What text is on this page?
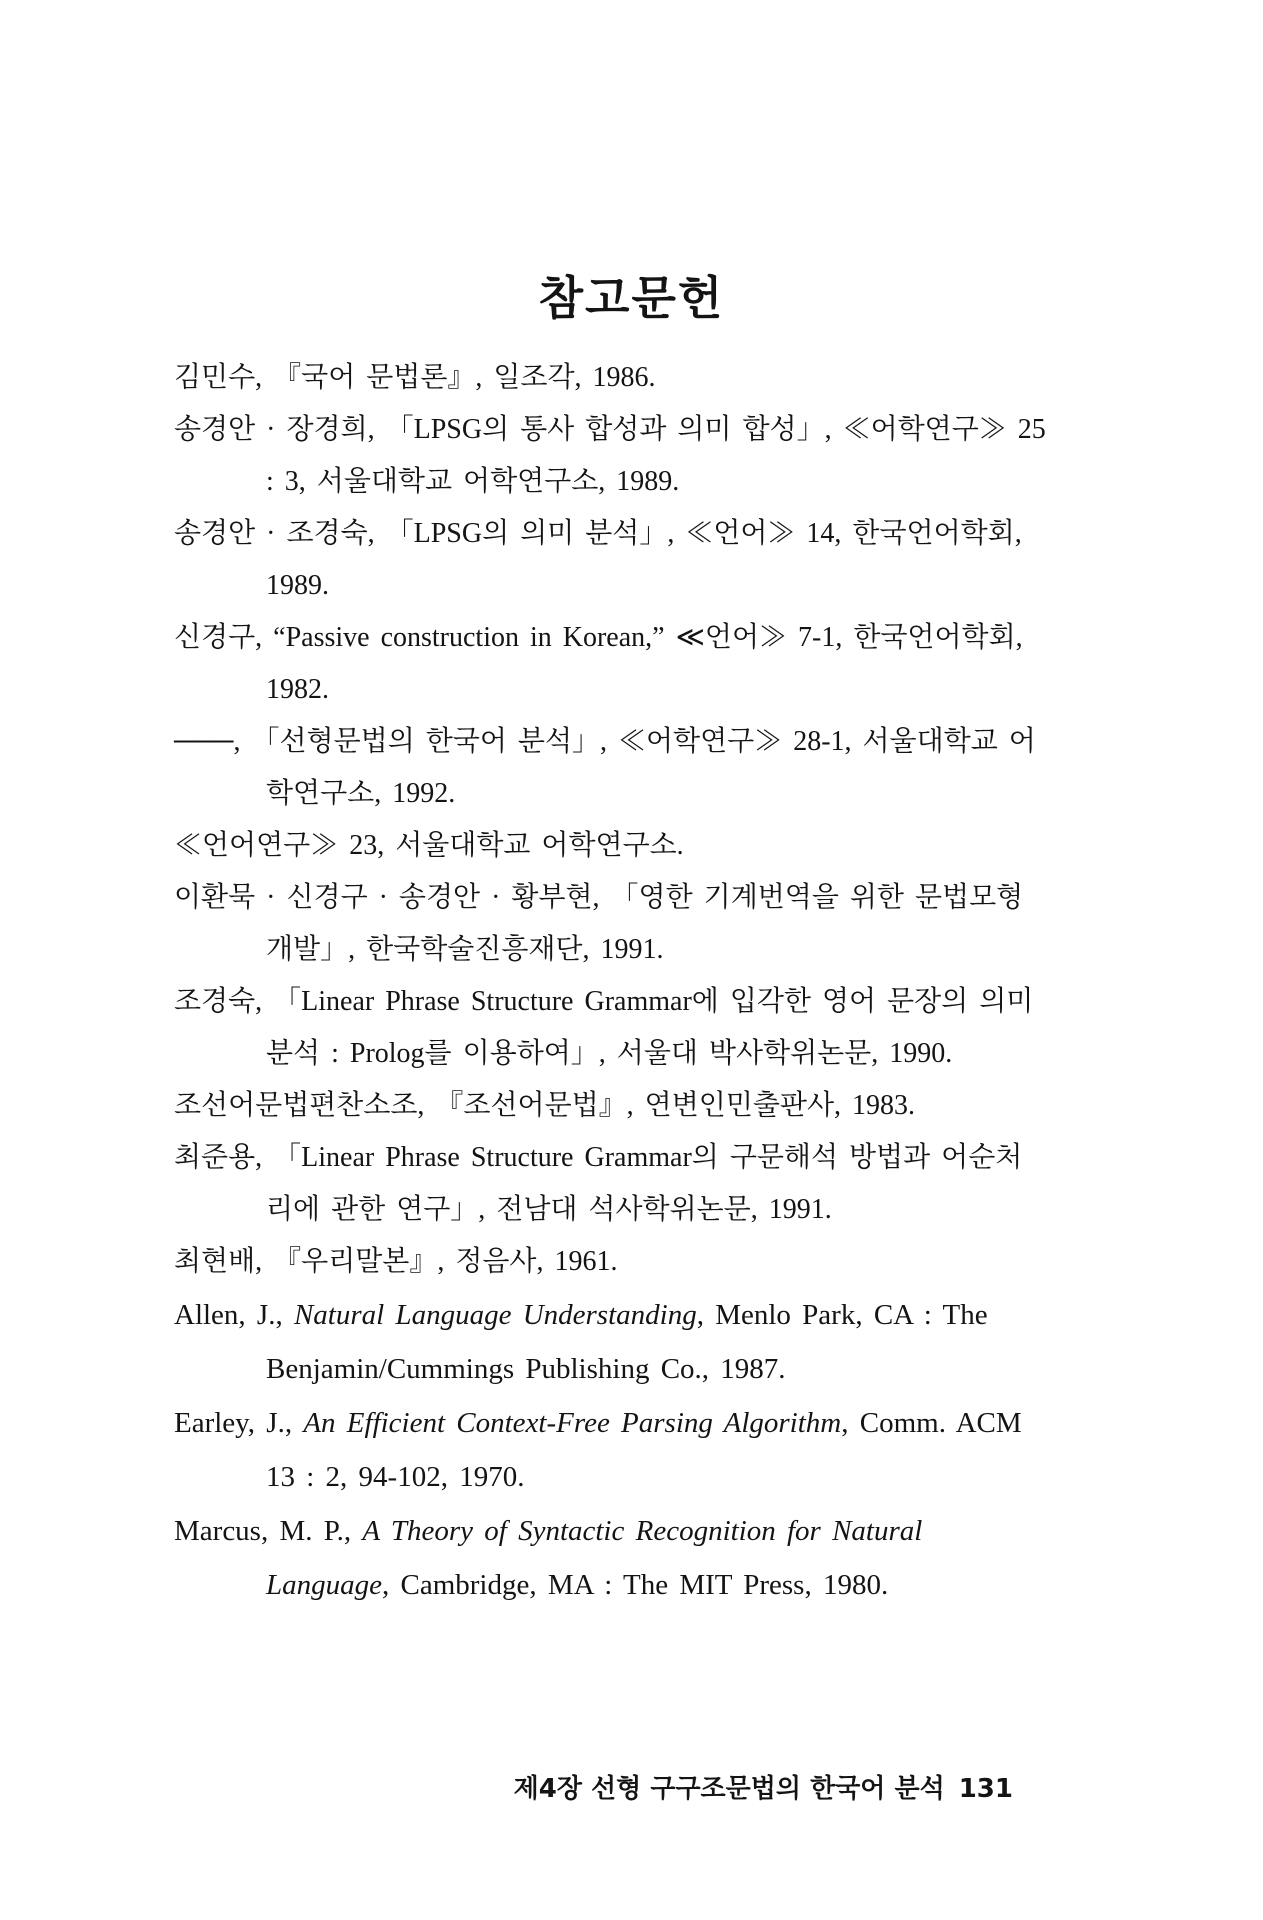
참고문헌
김민수, 『국어 문법론』, 일조각, 1986.
송경안 · 장경희, 「LPSG의 통사 합성과 의미 합성」, ≪어학연구≫ 25 : 3, 서울대학교 어학연구소, 1989.
송경안 · 조경숙, 「LPSG의 의미 분석」, ≪언어≫ 14, 한국언어학회, 1989.
신경구, “Passive construction in Korean,” ≪언어≫ 7-1, 한국언어학회, 1982.
───, 「선형문법의 한국어 분석」, ≪어학연구≫ 28-1, 서울대학교 어학연구소, 1992.
≪언어연구≫ 23, 서울대학교 어학연구소.
이환묵 · 신경구 · 송경안 · 황부현, 「영한 기계번역을 위한 문법모형 개발」, 한국학술진흥재단, 1991.
조경숙, 「Linear Phrase Structure Grammar에 입각한 영어 문장의 의미분석 : Prolog를 이용하여」, 서울대 박사학위논문, 1990.
조선어문법편찬소조, 『조선어문법』, 연변인민출판사, 1983.
최준용, 「Linear Phrase Structure Grammar의 구문해석 방법과 어순처리에 관한 연구」, 전남대 석사학위논문, 1991.
최현배, 『우리말본』, 정음사, 1961.
Allen, J., Natural Language Understanding, Menlo Park, CA : The Benjamin/Cummings Publishing Co., 1987.
Earley, J., An Efficient Context-Free Parsing Algorithm, Comm. ACM 13 : 2, 94-102, 1970.
Marcus, M. P., A Theory of Syntactic Recognition for Natural Language, Cambridge, MA : The MIT Press, 1980.
제4장 선형 구구조문법의 한국어 분석 131
